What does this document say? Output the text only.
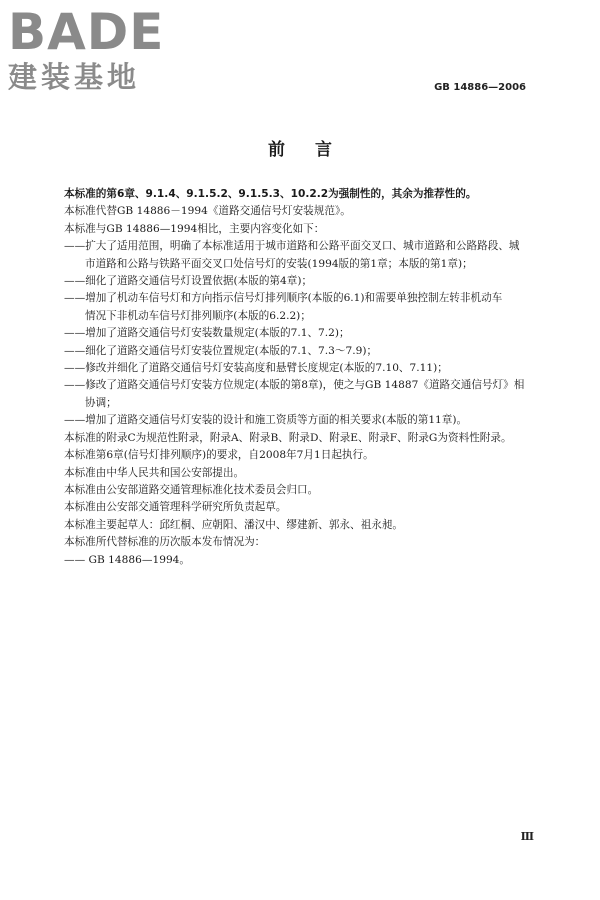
BADE
建装基地	GB 14886—2006
前言
本标准的第6章、9.1.4、9.1.5.2、9.1.5.3、10.2.2为强制性的，其余为推荐性的。
本标准代替GB 14886－1994《道路交通信号灯安装规范》。
本标准与GB 14886—1994相比，主要内容变化如下：
——扩大了适用范围，明确了本标准适用于城市道路和公路平面交叉口、城市道路和公路路段、城
市道路和公路与铁路平面交叉口处信号灯的安装(1994版的第1章；本版的第1章)；
——细化了道路交通信号灯设置依据(本版的第4章)；
——增加了机动车信号灯和方向指示信号灯排列顺序(本版的6.1)和需要单独控制左转非机动车
情况下非机动车信号灯排列顺序(本版的6.2.2)；
——增加了道路交通信号灯安装数量规定(本版的7.1、7.2)；
——细化了道路交通信号灯安装位置规定(本版的7.1、7.3～7.9)；
——修改并细化了道路交通信号灯安装高度和悬臂长度规定(本版的7.10、7.11)；
——修改了道路交通信号灯安装方位规定(本版的第8章)，使之与GB 14887《道路交通信号灯》相
协调；
——增加了道路交通信号灯安装的设计和施工资质等方面的相关要求(本版的第11章)。
本标准的附录C为规范性附录，附录A、附录B、附录D、附录E、附录F、附录G为资料性附录。
本标准第6章(信号灯排列顺序)的要求，自2008年7月1日起执行。
本标准由中华人民共和国公安部提出。
本标准由公安部道路交通管理标准化技术委员会归口。
本标准由公安部交通管理科学研究所负责起草。
本标准主要起草人：邱红桐、应朝阳、潘汉中、缪建新、郭永、祖永昶。
本标准所代替标准的历次版本发布情况为：
—— GB 14886—1994。
Ⅲ
